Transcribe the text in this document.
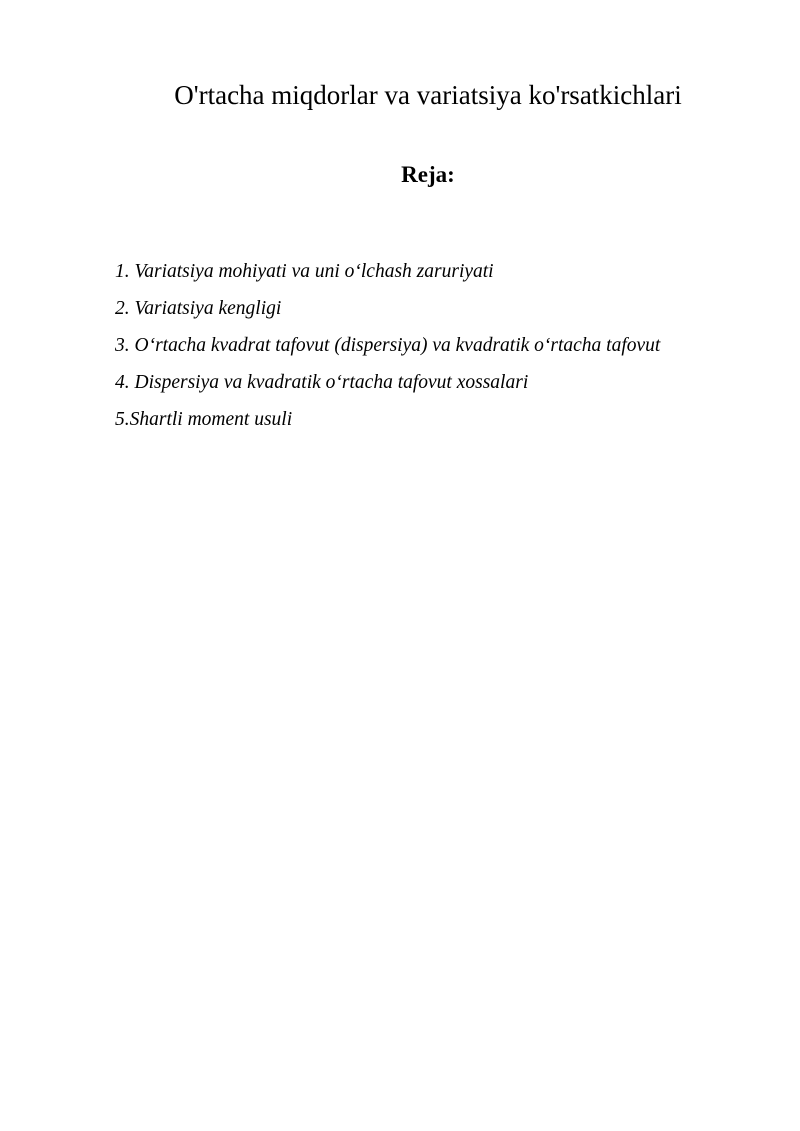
O'rtacha miqdorlar va variatsiya ko'rsatkichlari
Reja:
1. Variatsiya mohiyati va uni oʻlchash zaruriyati
2. Variatsiya kengligi
3. Oʻrtacha kvadrat tafovut (dispersiya) va kvadratik oʻrtacha tafovut
4. Dispersiya va kvadratik oʻrtacha tafovut xossalari
5.Shartli moment usuli
